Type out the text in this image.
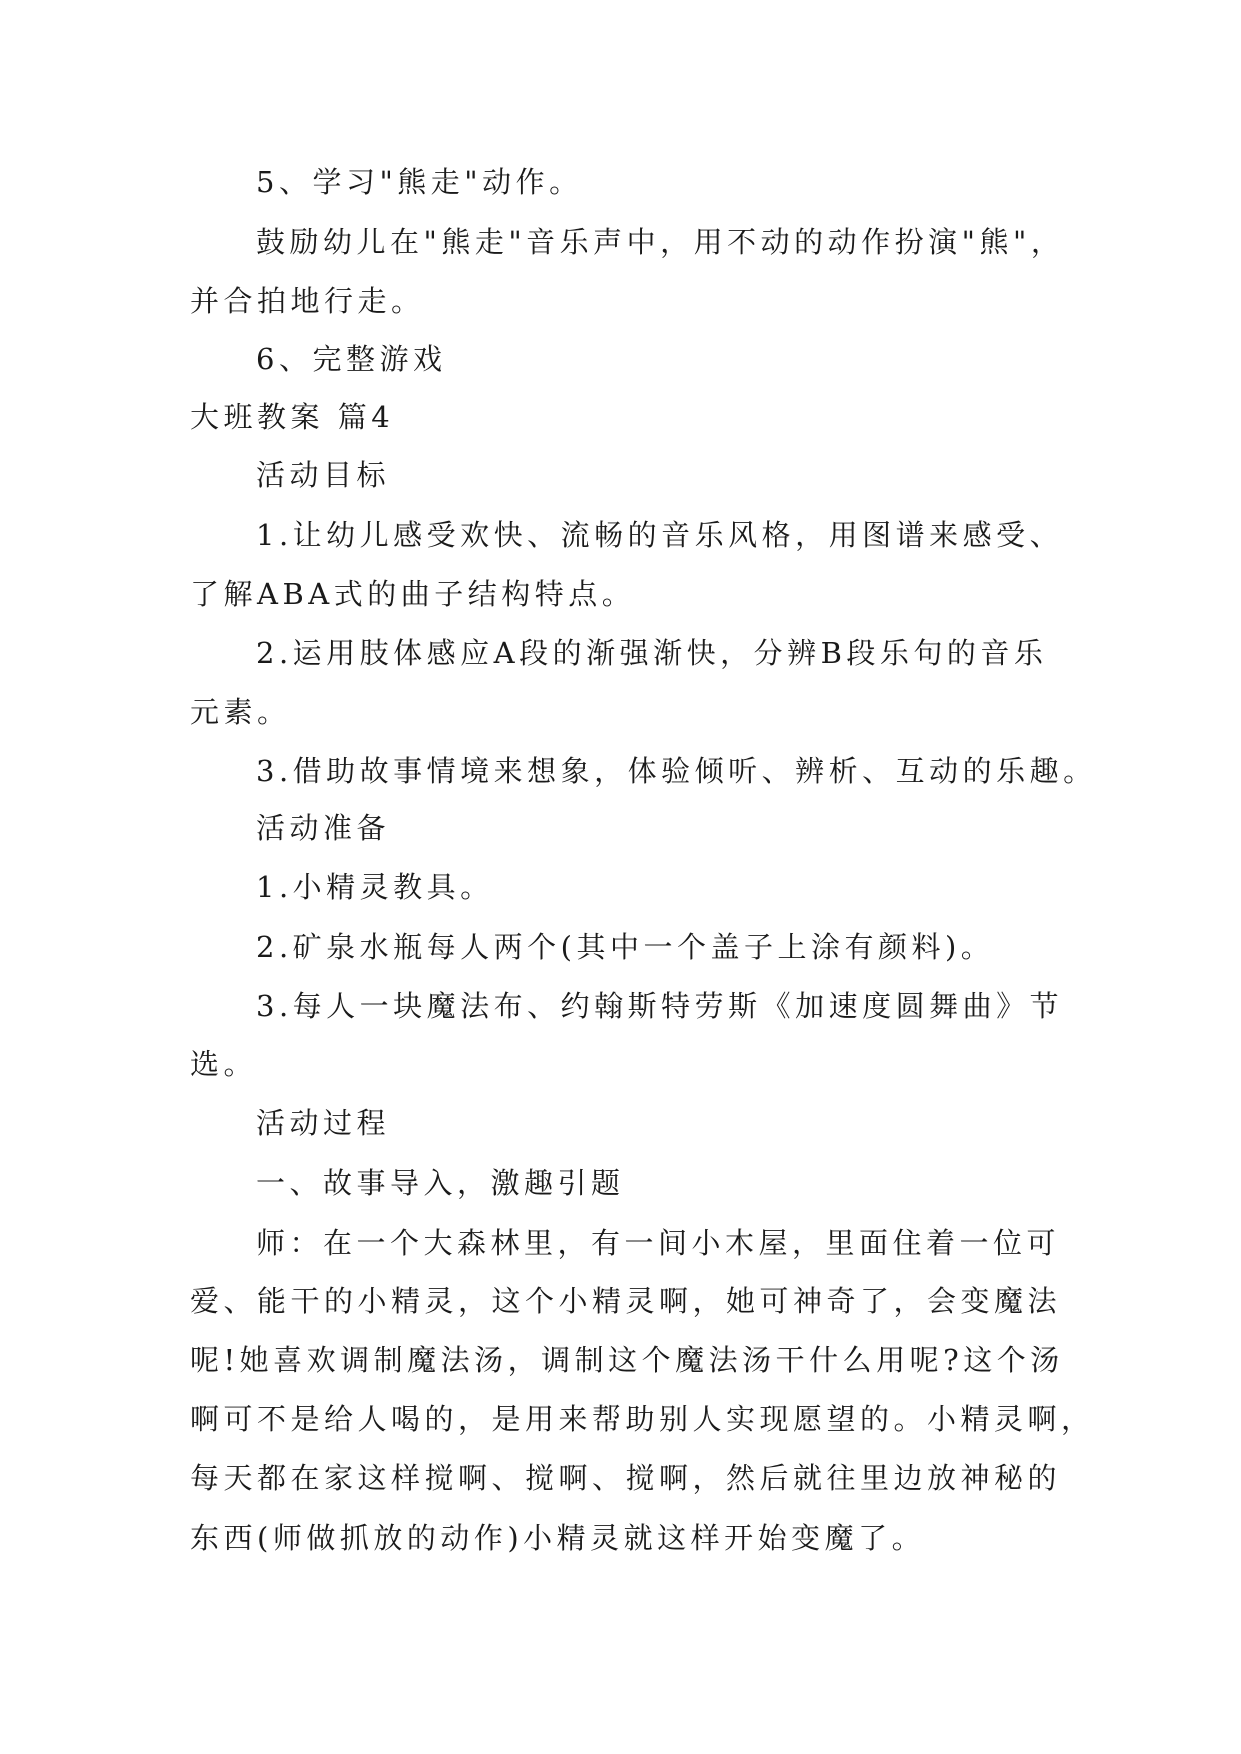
5、学习"熊走"动作。

鼓励幼儿在"熊走"音乐声中，用不动的动作扮演"熊"，

并合拍地行走。

6、完整游戏

大班教案 篇4

活动目标

1.让幼儿感受欢快、流畅的音乐风格，用图谱来感受、

了解ABA式的曲子结构特点。

2.运用肢体感应A段的渐强渐快，分辨B段乐句的音乐

元素。

3.借助故事情境来想象，体验倾听、辨析、互动的乐趣。

活动准备

1.小精灵教具。

2.矿泉水瓶每人两个(其中一个盖子上涂有颜料)。

3.每人一块魔法布、约翰斯特劳斯《加速度圆舞曲》节

选。

活动过程

一、故事导入，激趣引题

师：在一个大森林里，有一间小木屋，里面住着一位可

爱、能干的小精灵，这个小精灵啊，她可神奇了，会变魔法

呢!她喜欢调制魔法汤，调制这个魔法汤干什么用呢?这个汤

啊可不是给人喝的，是用来帮助别人实现愿望的。小精灵啊，

每天都在家这样搅啊、搅啊、搅啊，然后就往里边放神秘的

东西(师做抓放的动作)小精灵就这样开始变魔了。
